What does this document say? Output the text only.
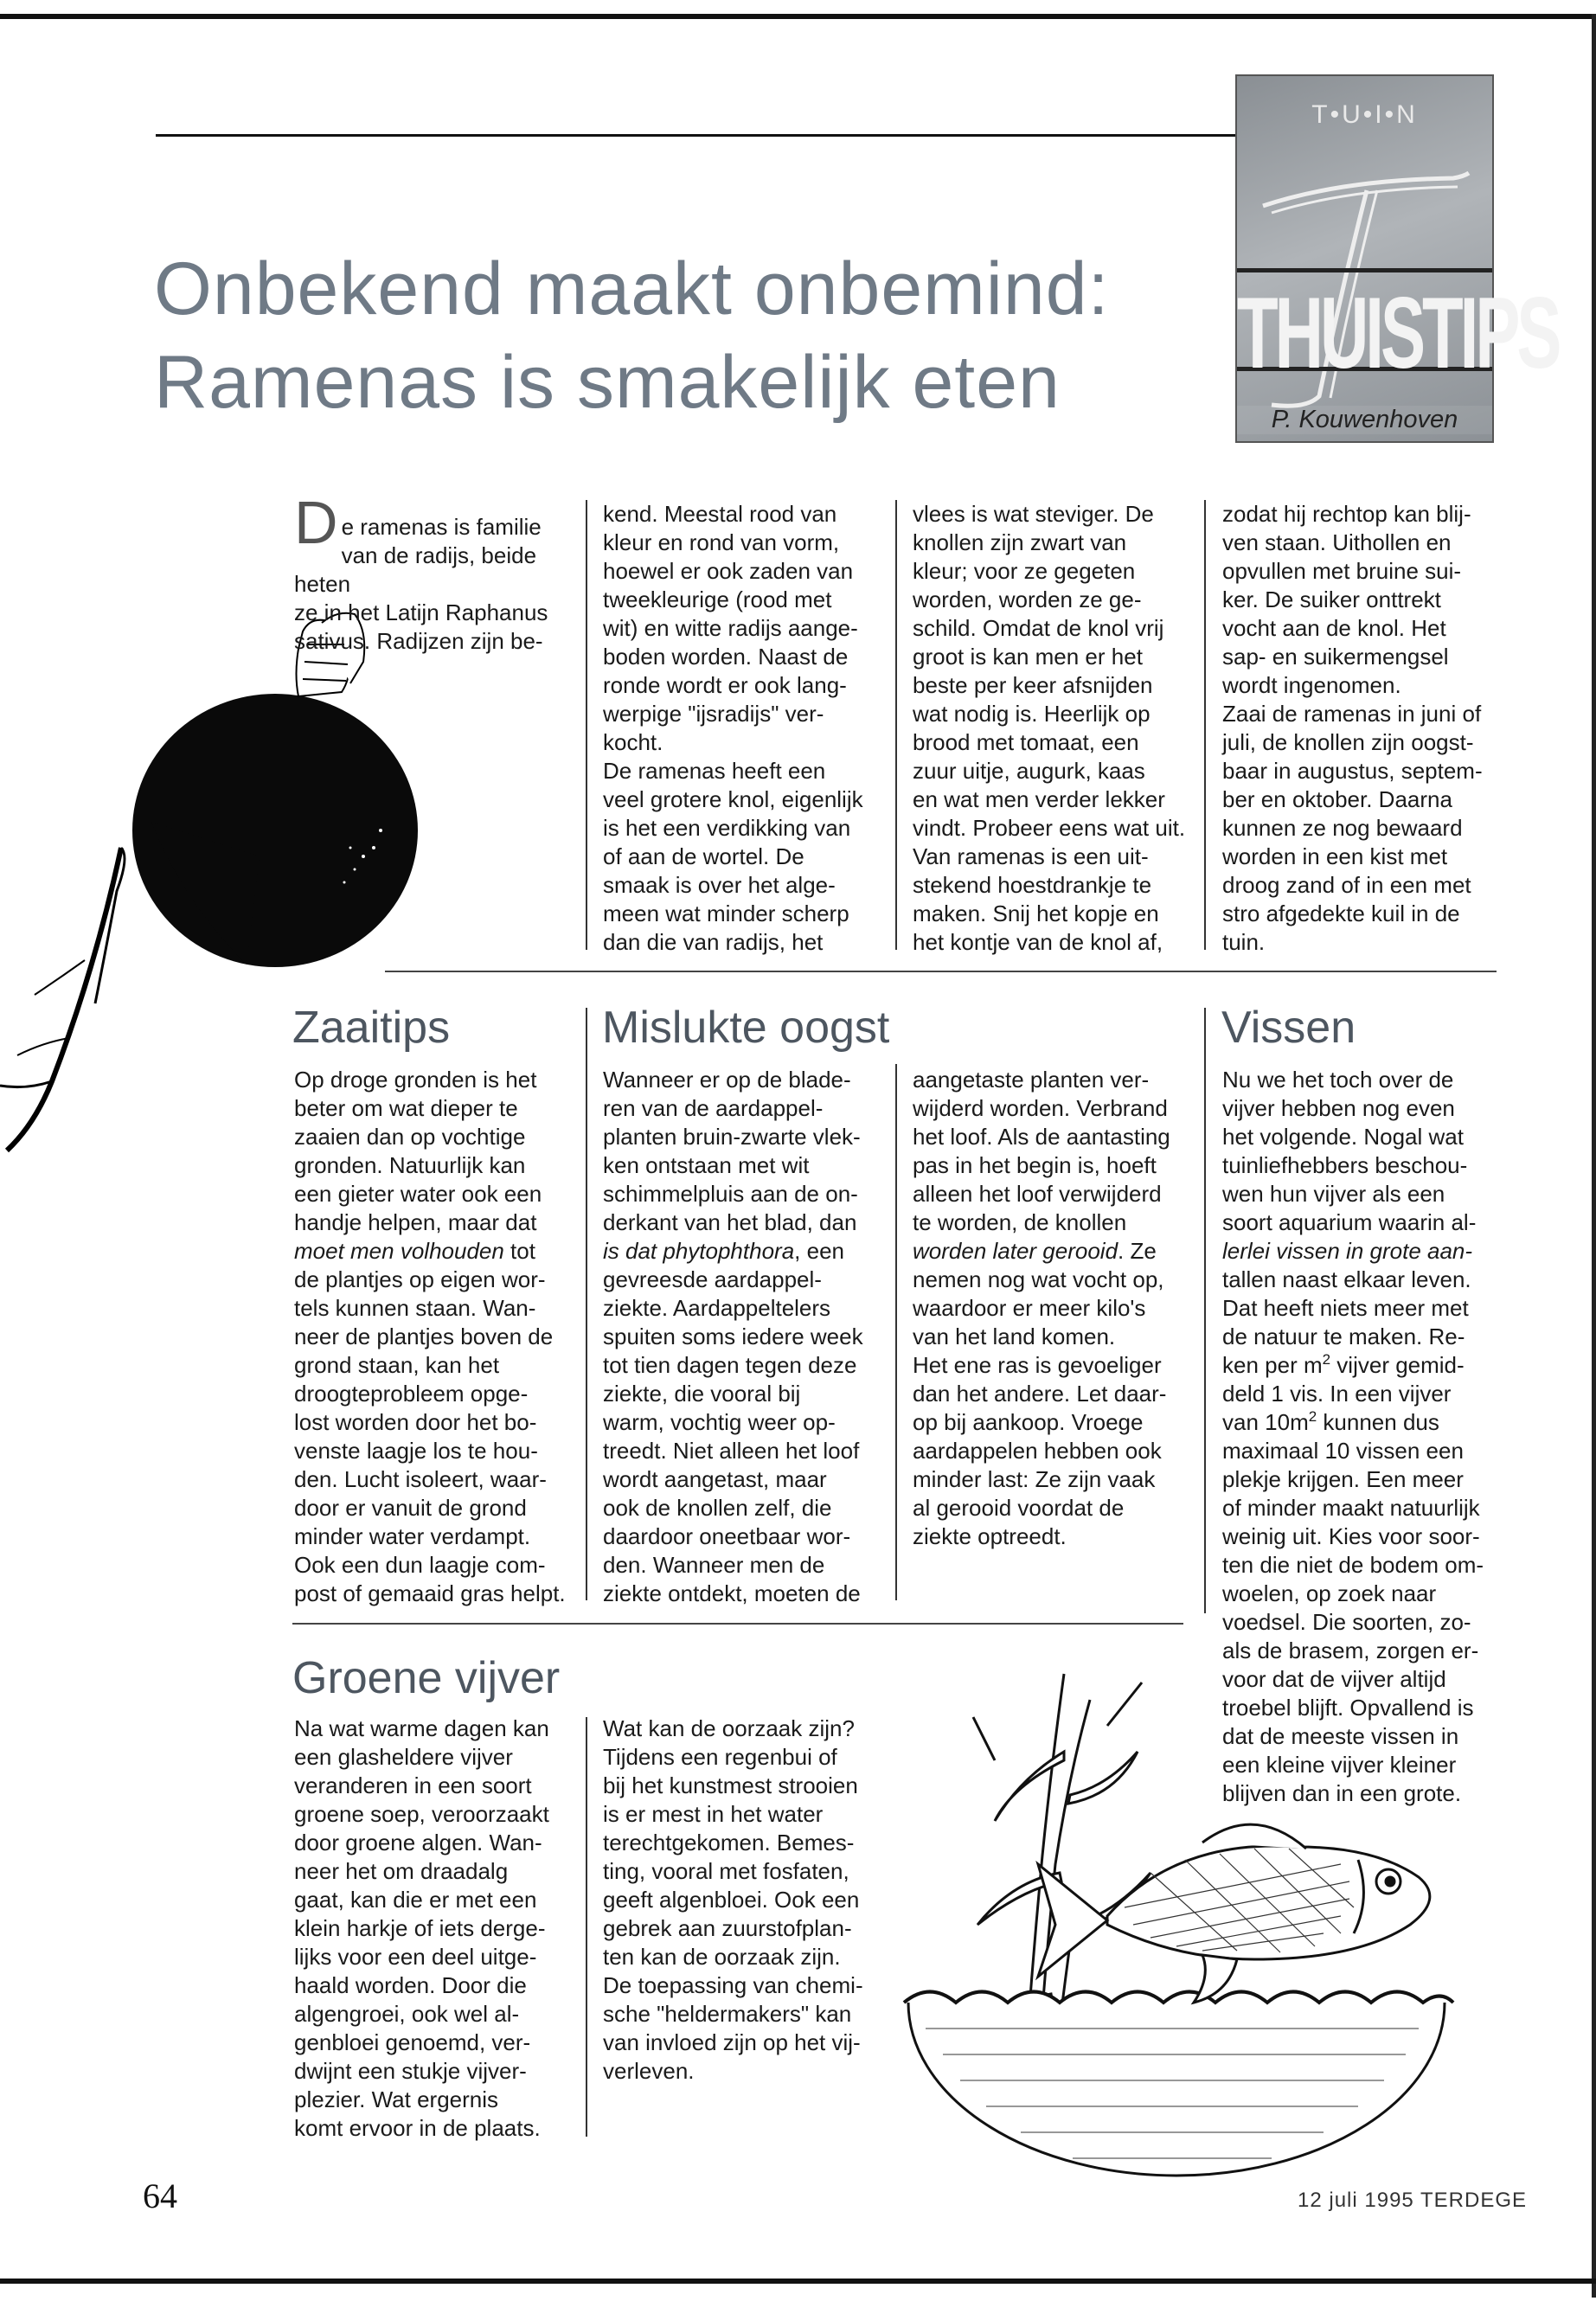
Onbekend maakt onbemind:
Ramenas is smakelijk eten
T•U•I•N
THUISTIPS
P. Kouwenhoven
D e ramenas is familie
van de radijs, beide heten
ze in het Latijn Raphanus
sativus. Radijzen zijn be-

kend. Meestal rood van
kleur en rond van vorm,
hoewel er ook zaden van
tweekleurige (rood met
wit) en witte radijs aange-
boden worden. Naast de
ronde wordt er ook lang-
werpige "ijsradijs" ver-
kocht.
De ramenas heeft een
veel grotere knol, eigenlijk
is het een verdikking van
of aan de wortel. De
smaak is over het alge-
meen wat minder scherp
dan die van radijs, het

vlees is wat steviger. De
knollen zijn zwart van
kleur; voor ze gegeten
worden, worden ze ge-
schild. Omdat de knol vrij
groot is kan men er het
beste per keer afsnijden
wat nodig is. Heerlijk op
brood met tomaat, een
zuur uitje, augurk, kaas
en wat men verder lekker
vindt. Probeer eens wat uit.
Van ramenas is een uit-
stekend hoestdrankje te
maken. Snij het kopje en
het kontje van de knol af,

zodat hij rechtop kan blij-
ven staan. Uithollen en
opvullen met bruine sui-
ker. De suiker onttrekt
vocht aan de knol. Het
sap- en suikermengsel
wordt ingenomen.
Zaai de ramenas in juni of
juli, de knollen zijn oogst-
baar in augustus, septem-
ber en oktober. Daarna
kunnen ze nog bewaard
worden in een kist met
droog zand of in een met
stro afgedekte kuil in de
tuin.

Zaaitips	Mislukte oogst	Vissen

Op droge gronden is het
beter om wat dieper te
zaaien dan op vochtige
gronden. Natuurlijk kan
een gieter water ook een
handje helpen, maar dat
moet men volhouden tot
de plantjes op eigen wor-
tels kunnen staan. Wan-
neer de plantjes boven de
grond staan, kan het
droogteprobleem opge-
lost worden door het bo-
venste laagje los te hou-
den. Lucht isoleert, waar-
door er vanuit de grond
minder water verdampt.
Ook een dun laagje com-
post of gemaaid gras helpt.

Wanneer er op de blade-
ren van de aardappel-
planten bruin-zwarte vlek-
ken ontstaan met wit
schimmelpluis aan de on-
derkant van het blad, dan
is dat phytophthora, een
gevreesde aardappel-
ziekte. Aardappeltelers
spuiten soms iedere week
tot tien dagen tegen deze
ziekte, die vooral bij
warm, vochtig weer op-
treedt. Niet alleen het loof
wordt aangetast, maar
ook de knollen zelf, die
daardoor oneetbaar wor-
den. Wanneer men de
ziekte ontdekt, moeten de

aangetaste planten ver-
wijderd worden. Verbrand
het loof. Als de aantasting
pas in het begin is, hoeft
alleen het loof verwijderd
te worden, de knollen
worden later gerooid. Ze
nemen nog wat vocht op,
waardoor er meer kilo's
van het land komen.
Het ene ras is gevoeliger
dan het andere. Let daar-
op bij aankoop. Vroege
aardappelen hebben ook
minder last: Ze zijn vaak
al gerooid voordat de
ziekte optreedt.

Nu we het toch over de
vijver hebben nog even
het volgende. Nogal wat
tuinliefhebbers beschou-
wen hun vijver als een
soort aquarium waarin al-
lerlei vissen in grote aan-
tallen naast elkaar leven.
Dat heeft niets meer met
de natuur te maken. Re-
ken per $m^2$ vijver gemid-
deld 1 vis. In een vijver
van $10m^2$ kunnen dus
maximaal 10 vissen een
plekje krijgen. Een meer
of minder maakt natuurlijk
weinig uit. Kies voor soor-
ten die niet de bodem om-
woelen, op zoek naar
voedsel. Die soorten, zo-
als de brasem, zorgen er-
voor dat de vijver altijd
troebel blijft. Opvallend is
dat de meeste vissen in
een kleine vijver kleiner
blijven dan in een grote.

Groene vijver

Na wat warme dagen kan
een glasheldere vijver
veranderen in een soort
groene soep, veroorzaakt
door groene algen. Wan-
neer het om draadalg
gaat, kan die er met een
klein harkje of iets derge-
lijks voor een deel uitge-
haald worden. Door die
algengroei, ook wel al-
genbloei genoemd, ver-
dwijnt een stukje vijver-
plezier. Wat ergernis
komt ervoor in de plaats.

Wat kan de oorzaak zijn?
Tijdens een regenbui of
bij het kunstmest strooien
is er mest in het water
terechtgekomen. Bemes-
ting, vooral met fosfaten,
geeft algenbloei. Ook een
gebrek aan zuurstofplan-
ten kan de oorzaak zijn.
De toepassing van chemi-
sche "heldermakers" kan
van invloed zijn op het vij-
verleven.

64	12 juli 1995 TERDEGE
